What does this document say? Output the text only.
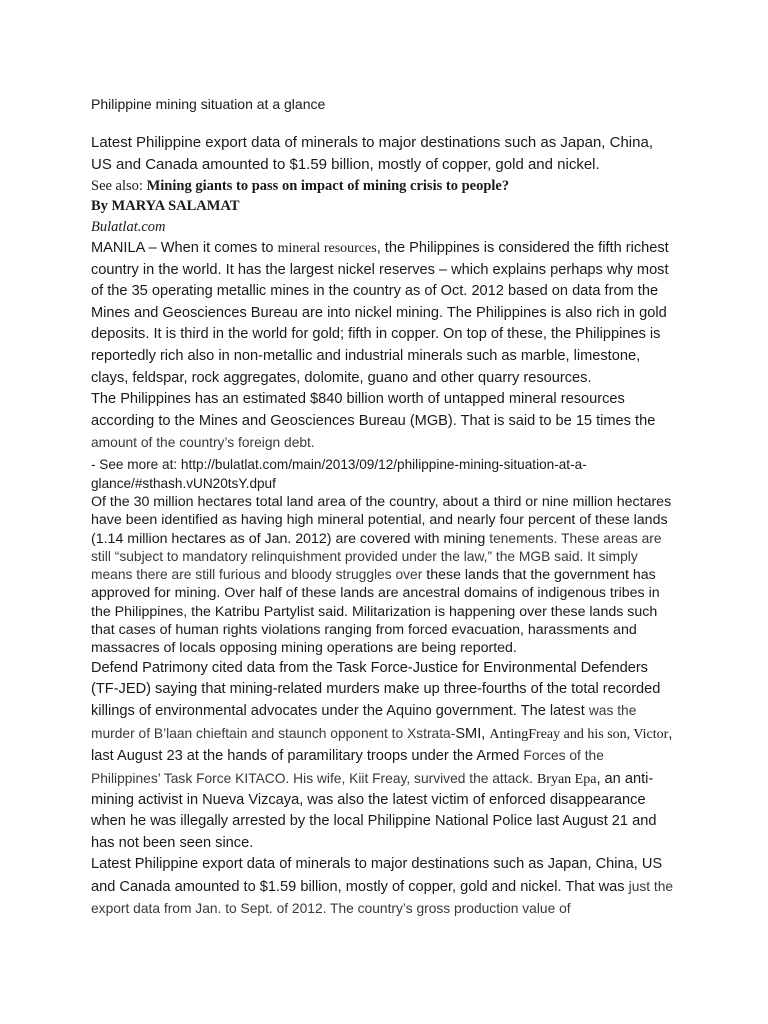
Philippine mining situation at a glance

Latest Philippine export data of minerals to major destinations such as Japan, China, US and Canada amounted to $1.59 billion, mostly of copper, gold and nickel.

See also: Mining giants to pass on impact of mining crisis to people?

By MARYA SALAMAT

Bulatlat.com

MANILA – When it comes to mineral resources, the Philippines is considered the fifth richest country in the world. It has the largest nickel reserves – which explains perhaps why most of the 35 operating metallic mines in the country as of Oct. 2012 based on data from the Mines and Geosciences Bureau are into nickel mining. The Philippines is also rich in gold deposits. It is third in the world for gold; fifth in copper. On top of these, the Philippines is reportedly rich also in non-metallic and industrial minerals such as marble, limestone, clays, feldspar, rock aggregates, dolomite, guano and other quarry resources.

The Philippines has an estimated $840 billion worth of untapped mineral resources according to the Mines and Geosciences Bureau (MGB). That is said to be 15 times the amount of the country’s foreign debt.

- See more at: http://bulatlat.com/main/2013/09/12/philippine-mining-situation-at-a-glance/#sthash.vUN20tsY.dpuf

Of the 30 million hectares total land area of the country, about a third or nine million hectares have been identified as having high mineral potential, and nearly four percent of these lands (1.14 million hectares as of Jan. 2012) are covered with mining tenements. These areas are still “subject to mandatory relinquishment provided under the law,” the MGB said. It simply means there are still furious and bloody struggles over these lands that the government has approved for mining. Over half of these lands are ancestral domains of indigenous tribes in the Philippines, the Katribu Partylist said. Militarization is happening over these lands such that cases of human rights violations ranging from forced evacuation, harassments and massacres of locals opposing mining operations are being reported.

Defend Patrimony cited data from the Task Force-Justice for Environmental Defenders (TF-JED) saying that mining-related murders make up three-fourths of the total recorded killings of environmental advocates under the Aquino government. The latest was the murder of B’laan chieftain and staunch opponent to Xstrata-SMI, AntingFreay and his son, Victor, last August 23 at the hands of paramilitary troops under the Armed Forces of the Philippines’ Task Force KITACO. His wife, Kiit Freay, survived the attack. Bryan Epa, an anti-mining activist in Nueva Vizcaya, was also the latest victim of enforced disappearance when he was illegally arrested by the local Philippine National Police last August 21 and has not been seen since.

Latest Philippine export data of minerals to major destinations such as Japan, China, US and Canada amounted to $1.59 billion, mostly of copper, gold and nickel. That was just the export data from Jan. to Sept. of 2012. The country’s gross production value of
